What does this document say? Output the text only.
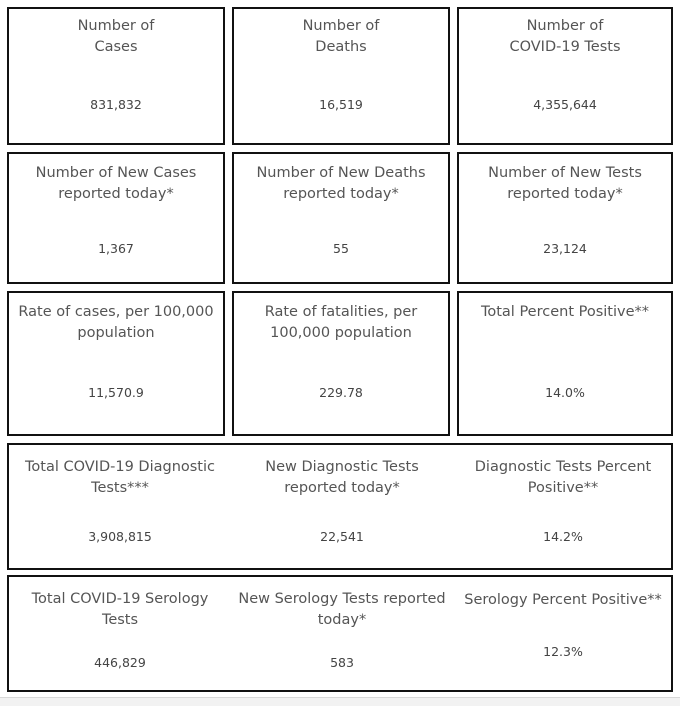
Number of
Cases
831,832
Number of
Deaths
16,519
Number of
COVID-19 Tests
4,355,644
Number of New Cases
reported today*
1,367
Number of New Deaths
reported today*
55
Number of New Tests
reported today*
23,124
Rate of cases, per 100,000
population
11,570.9
Rate of fatalities, per
100,000 population
229.78
Total Percent Positive**
14.0%
Total COVID-19 Diagnostic
Tests***
3,908,815
New Diagnostic Tests
reported today*
22,541
Diagnostic Tests Percent
Positive**
14.2%
Total COVID-19 Serology
Tests
446,829
New Serology Tests reported
today*
583
Serology Percent Positive**
12.3%
